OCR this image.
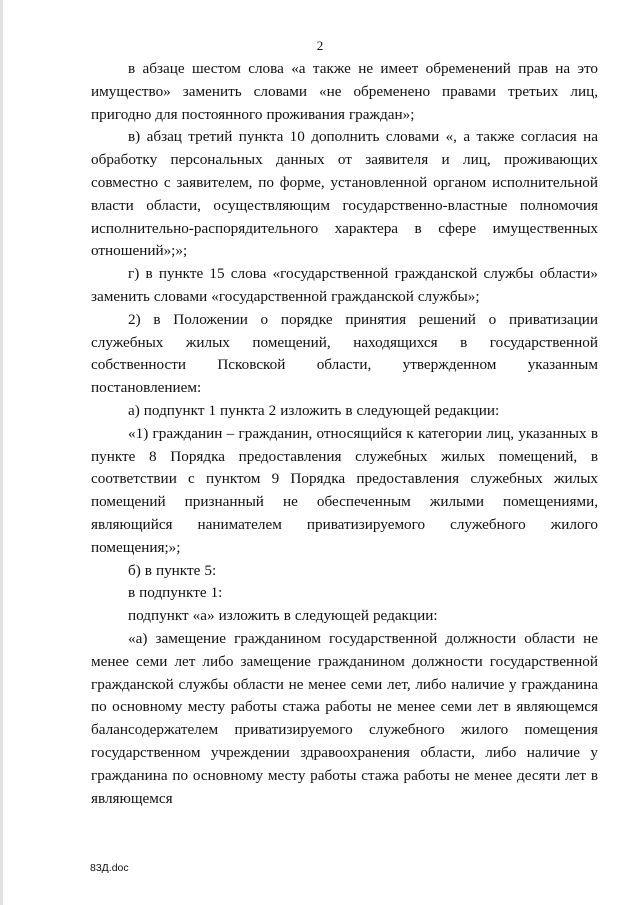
2

в абзаце шестом слова «а также не имеет обременений прав на это имущество» заменить словами «не обременено правами третьих лиц, пригодно для постоянного проживания граждан»;

в) абзац третий пункта 10 дополнить словами «, а также согласия на обработку персональных данных от заявителя и лиц, проживающих совместно с заявителем, по форме, установленной органом исполнительной власти области, осуществляющим государственно-властные полномочия исполнительно-распорядительного характера в сфере имущественных отношений»;»;

г) в пункте 15 слова «государственной гражданской службы области» заменить словами «государственной гражданской службы»;

2) в Положении о порядке принятия решений о приватизации служебных жилых помещений, находящихся в государственной собственности Псковской области, утвержденном указанным постановлением:

а) подпункт 1 пункта 2 изложить в следующей редакции:

«1) гражданин – гражданин, относящийся к категории лиц, указанных в пункте 8 Порядка предоставления служебных жилых помещений, в соответствии с пунктом 9 Порядка предоставления служебных жилых помещений признанный не обеспеченным жилыми помещениями, являющийся нанимателем приватизируемого служебного жилого помещения;»;

б) в пункте 5:

в подпункте 1:

подпункт «а» изложить в следующей редакции:

«а) замещение гражданином государственной должности области не менее семи лет либо замещение гражданином должности государственной гражданской службы области не менее семи лет, либо наличие у гражданина по основному месту работы стажа работы не менее семи лет в являющемся балансодержателем приватизируемого служебного жилого помещения государственном учреждении здравоохранения области, либо наличие у гражданина по основному месту работы стажа работы не менее десяти лет в являющемся

83Д.doc
